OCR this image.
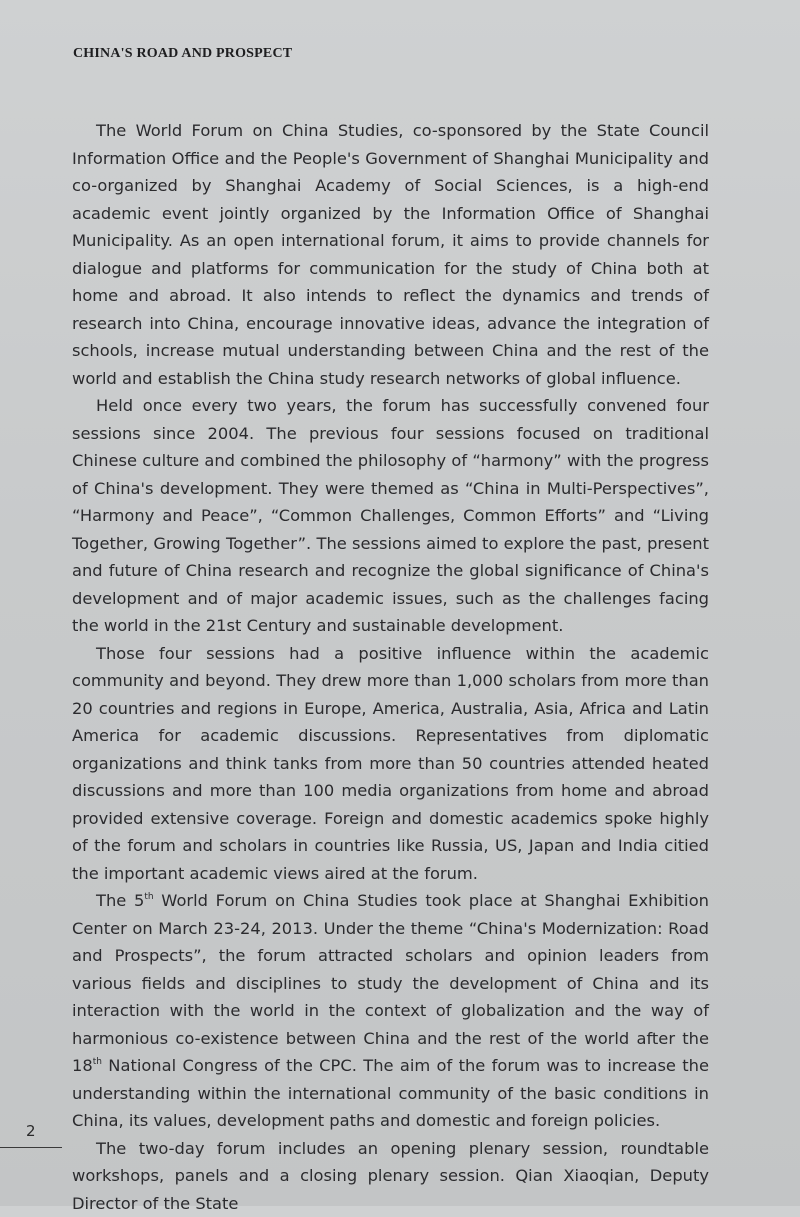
CHINA'S ROAD AND PROSPECT

The World Forum on China Studies, co-sponsored by the State Council Information Office and the People's Government of Shanghai Municipality and co-organized by Shanghai Academy of Social Sciences, is a high-end academic event jointly organized by the Information Office of Shanghai Municipality. As an open international forum, it aims to provide channels for dialogue and platforms for communication for the study of China both at home and abroad. It also intends to reflect the dynamics and trends of research into China, encourage innovative ideas, advance the integration of schools, increase mutual understanding between China and the rest of the world and establish the China study research networks of global influence.

Held once every two years, the forum has successfully convened four sessions since 2004. The previous four sessions focused on traditional Chinese culture and combined the philosophy of “harmony” with the progress of China's development. They were themed as “China in Multi-Perspectives”, “Harmony and Peace”, “Common Challenges, Common Efforts” and “Living Together, Growing Together”. The sessions aimed to explore the past, present and future of China research and recognize the global significance of China's development and of major academic issues, such as the challenges facing the world in the 21st Century and sustainable development.

Those four sessions had a positive influence within the academic community and beyond. They drew more than 1,000 scholars from more than 20 countries and regions in Europe, America, Australia, Asia, Africa and Latin America for academic discussions. Representatives from diplomatic organizations and think tanks from more than 50 countries attended heated discussions and more than 100 media organizations from home and abroad provided extensive coverage. Foreign and domestic academics spoke highly of the forum and scholars in countries like Russia, US, Japan and India citied the important academic views aired at the forum.

The 5th World Forum on China Studies took place at Shanghai Exhibition Center on March 23-24, 2013. Under the theme “China's Modernization: Road and Prospects”, the forum attracted scholars and opinion leaders from various fields and disciplines to study the development of China and its interaction with the world in the context of globalization and the way of harmonious co-existence between China and the rest of the world after the 18th National Congress of the CPC. The aim of the forum was to increase the understanding within the international community of the basic conditions in China, its values, development paths and domestic and foreign policies.

The two-day forum includes an opening plenary session, roundtable workshops, panels and a closing plenary session. Qian Xiaoqian, Deputy Director of the State

2
